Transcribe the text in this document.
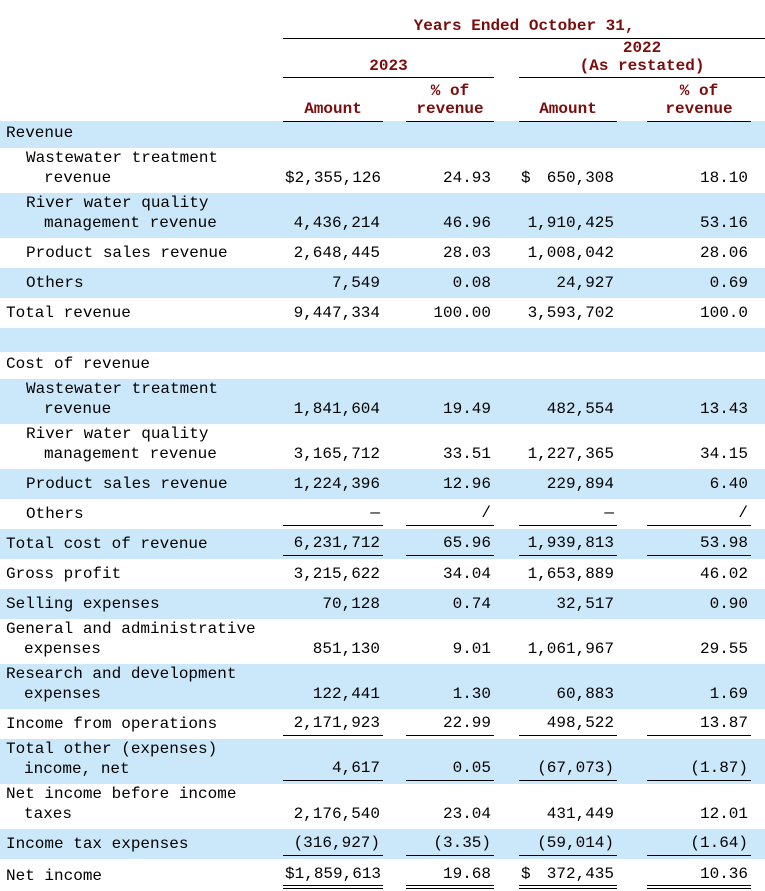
	Years Ended October 31,							

	2023				2022
(As restated)			

	Amount		% of revenue		Amount		% of revenue	

Revenue	

Wastewater treatment revenue	$ 2,355,126		24.93		$ 650,308		18.10	

River water quality management revenue	4,436,214		46.96		1,910,425		53.16	

Product sales revenue	2,648,445		28.03		1,008,042		28.06	

Others	7,549		0.08		24,927		0.69	

Total revenue	9,447,334		100.00		3,593,702		100.0	

Cost of revenue	

Wastewater treatment revenue	1,841,604		19.49		482,554		13.43	

River water quality management revenue	3,165,712		33.51		1,227,365		34.15	

Product sales revenue	1,224,396		12.96		229,894		6.40	

Others	—		/		—		/	

Total cost of revenue	6,231,712		65.96		1,939,813		53.98	

Gross profit	3,215,622		34.04		1,653,889		46.02	

Selling expenses	70,128		0.74		32,517		0.90	

General and administrative expenses	851,130		9.01		1,061,967		29.55	

Research and development expenses	122,441		1.30		60,883		1.69	

Income from operations	2,171,923		22.99		498,522		13.87	

Total other (expenses) income, net	4,617		0.05		(67,073)		(1.87)	

Net income before income taxes	2,176,540		23.04		431,449		12.01	

Income tax expenses	(316,927)		(3.35)		(59,014)		(1.64)	

Net income	$ 1,859,613		19.68		$ 372,435		10.36	
